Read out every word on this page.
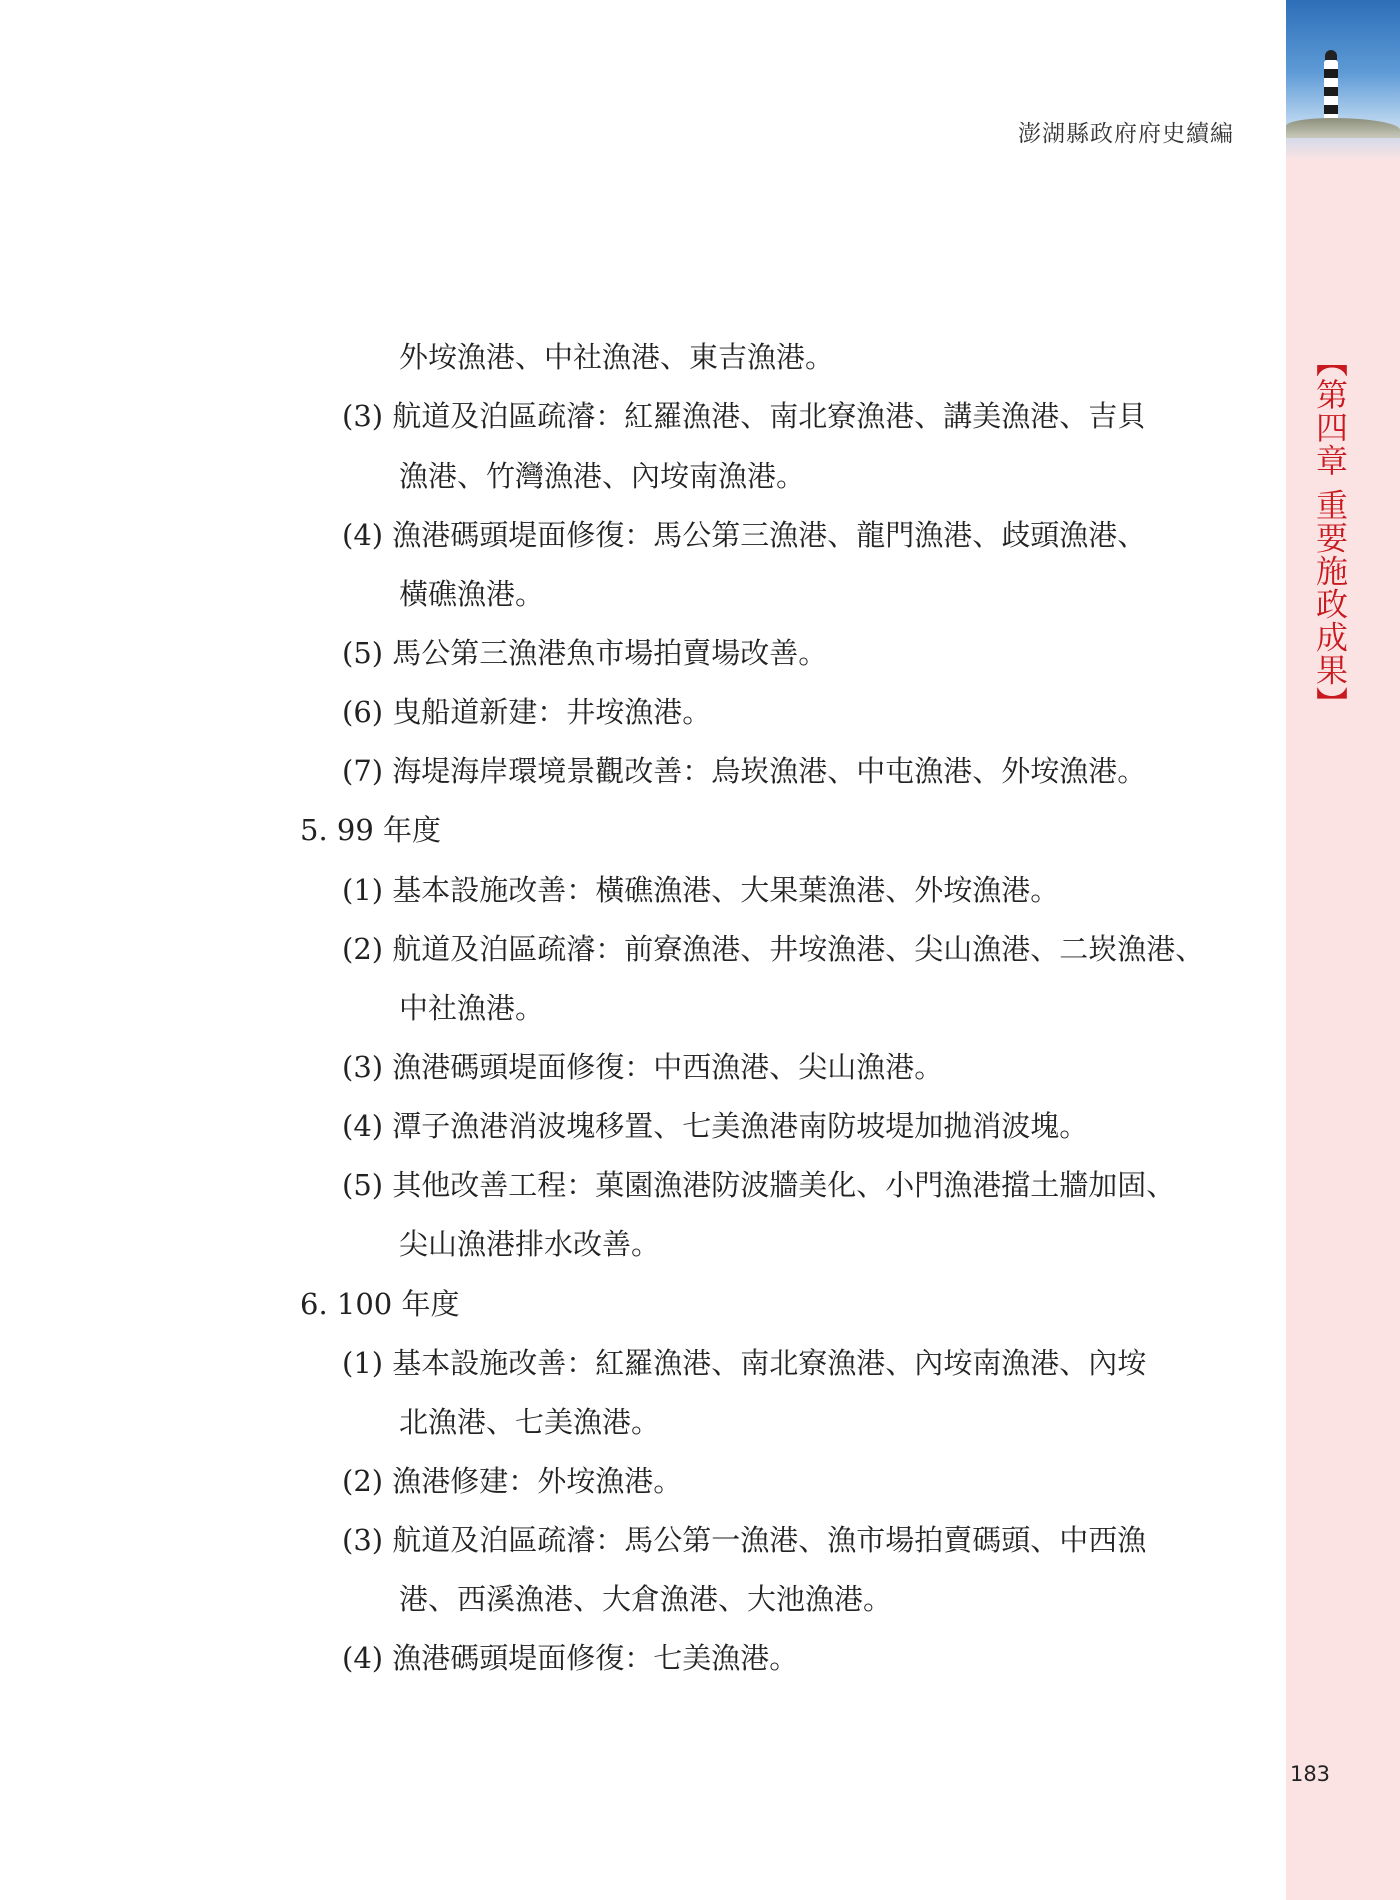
澎湖縣政府府史續編
【第四章 重要施政成果】
183
外垵漁港、中社漁港、東吉漁港。
(3) 航道及泊區疏濬：紅羅漁港、南北寮漁港、講美漁港、吉貝
漁港、竹灣漁港、內垵南漁港。
(4) 漁港碼頭堤面修復：馬公第三漁港、龍門漁港、歧頭漁港、
橫礁漁港。
(5) 馬公第三漁港魚市場拍賣場改善。
(6) 曳船道新建：井垵漁港。
(7) 海堤海岸環境景觀改善：烏崁漁港、中屯漁港、外垵漁港。
5. 99 年度
(1) 基本設施改善：橫礁漁港、大果葉漁港、外垵漁港。
(2) 航道及泊區疏濬：前寮漁港、井垵漁港、尖山漁港、二崁漁港、
中社漁港。
(3) 漁港碼頭堤面修復：中西漁港、尖山漁港。
(4) 潭子漁港消波塊移置、七美漁港南防坡堤加拋消波塊。
(5) 其他改善工程：菓園漁港防波牆美化、小門漁港擋土牆加固、
尖山漁港排水改善。
6. 100 年度
(1) 基本設施改善：紅羅漁港、南北寮漁港、內垵南漁港、內垵
北漁港、七美漁港。
(2) 漁港修建：外垵漁港。
(3) 航道及泊區疏濬：馬公第一漁港、漁市場拍賣碼頭、中西漁
港、西溪漁港、大倉漁港、大池漁港。
(4) 漁港碼頭堤面修復：七美漁港。
